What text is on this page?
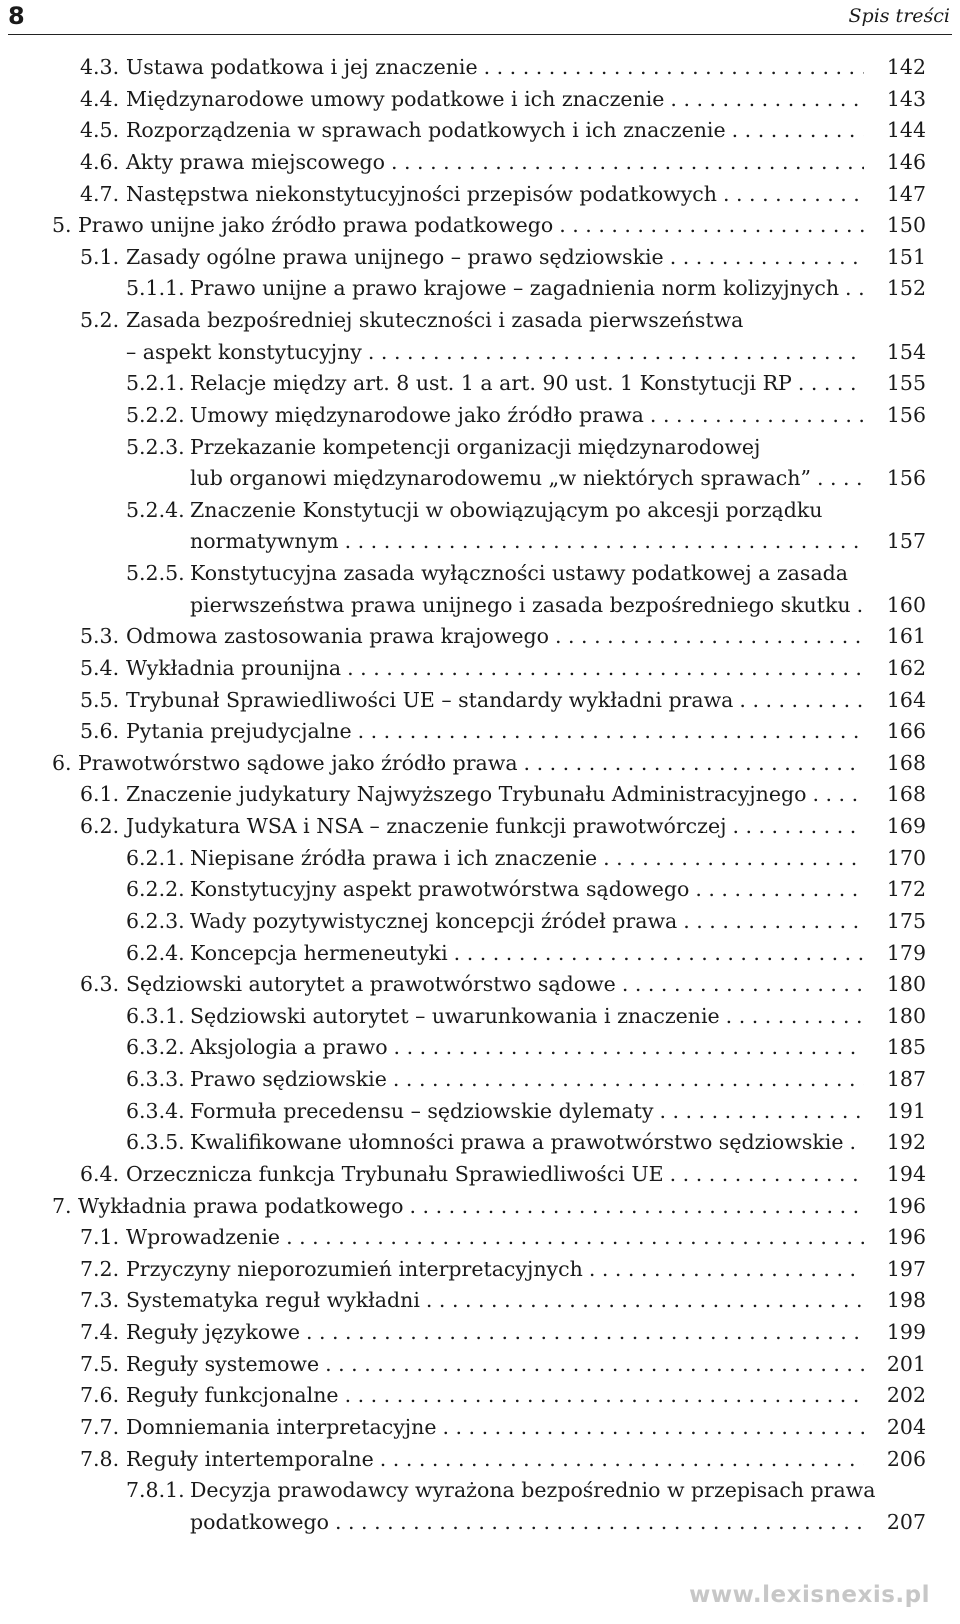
8	Spis treści
4.3. Ustawa podatkowa i jej znaczenie . . .	142
4.4. Międzynarodowe umowy podatkowe i ich znaczenie . . .	143
4.5. Rozporządzenia w sprawach podatkowych i ich znaczenie . . .	144
4.6. Akty prawa miejscowego . . .	146
4.7. Następstwa niekonstytucyjności przepisów podatkowych . . .	147
5. Prawo unijne jako źródło prawa podatkowego . . .	150
5.1. Zasady ogólne prawa unijnego – prawo sędziowskie . . .	151
5.1.1. Prawo unijne a prawo krajowe – zagadnienia norm kolizyjnych . . . 152
5.2. Zasada bezpośredniej skuteczności i zasada pierwszeństwa
– aspekt konstytucyjny . . .	154
5.2.1. Relacje między art. 8 ust. 1 a art. 90 ust. 1 Konstytucji RP . . .	155
5.2.2. Umowy międzynarodowe jako źródło prawa . . .	156
5.2.3. Przekazanie kompetencji organizacji międzynarodowej
lub organowi międzynarodowemu „w niektórych sprawach” . . .	156
5.2.4. Znaczenie Konstytucji w obowiązującym po akcesji porządku
normatywnym . . .	157
5.2.5. Konstytucyjna zasada wyłączności ustawy podatkowej a zasada
pierwszeństwa prawa unijnego i zasada bezpośredniego skutku . . . 160
5.3. Odmowa zastosowania prawa krajowego . . .	161
5.4. Wykładnia prounijna . . .	162
5.5. Trybunał Sprawiedliwości UE – standardy wykładni prawa . . .	164
5.6. Pytania prejudycjalne . . .	166
6. Prawotwórstwo sądowe jako źródło prawa . . .	168
6.1. Znaczenie judykatury Najwyższego Trybunału Administracyjnego . . .	168
6.2. Judykatura WSA i NSA – znaczenie funkcji prawotwórczej . . .	169
6.2.1. Niepisane źródła prawa i ich znaczenie . . .	170
6.2.2. Konstytucyjny aspekt prawotwórstwa sądowego . . .	172
6.2.3. Wady pozytywistycznej koncepcji źródeł prawa . . .	175
6.2.4. Koncepcja hermeneutyki . . .	179
6.3. Sędziowski autorytet a prawotwórstwo sądowe . . .	180
6.3.1. Sędziowski autorytet – uwarunkowania i znaczenie . . .	180
6.3.2. Aksjologia a prawo . . .	185
6.3.3. Prawo sędziowskie . . .	187
6.3.4. Formuła precedensu – sędziowskie dylematy . . .	191
6.3.5. Kwalifikowane ułomności prawa a prawotwórstwo sędziowskie . . . 192
6.4. Orzecznicza funkcja Trybunału Sprawiedliwości UE . . .	194
7. Wykładnia prawa podatkowego . . .	196
7.1. Wprowadzenie . . .	196
7.2. Przyczyny nieporozumień interpretacyjnych . . .	197
7.3. Systematyka reguł wykładni . . .	198
7.4. Reguły językowe . . .	199
7.5. Reguły systemowe . . .	201
7.6. Reguły funkcjonalne . . .	202
7.7. Domniemania interpretacyjne . . .	204
7.8. Reguły intertemporalne . . .	206
7.8.1. Decyzja prawodawcy wyrażona bezpośrednio w przepisach prawa
podatkowego . . .	207
www.lexisnexis.pl
